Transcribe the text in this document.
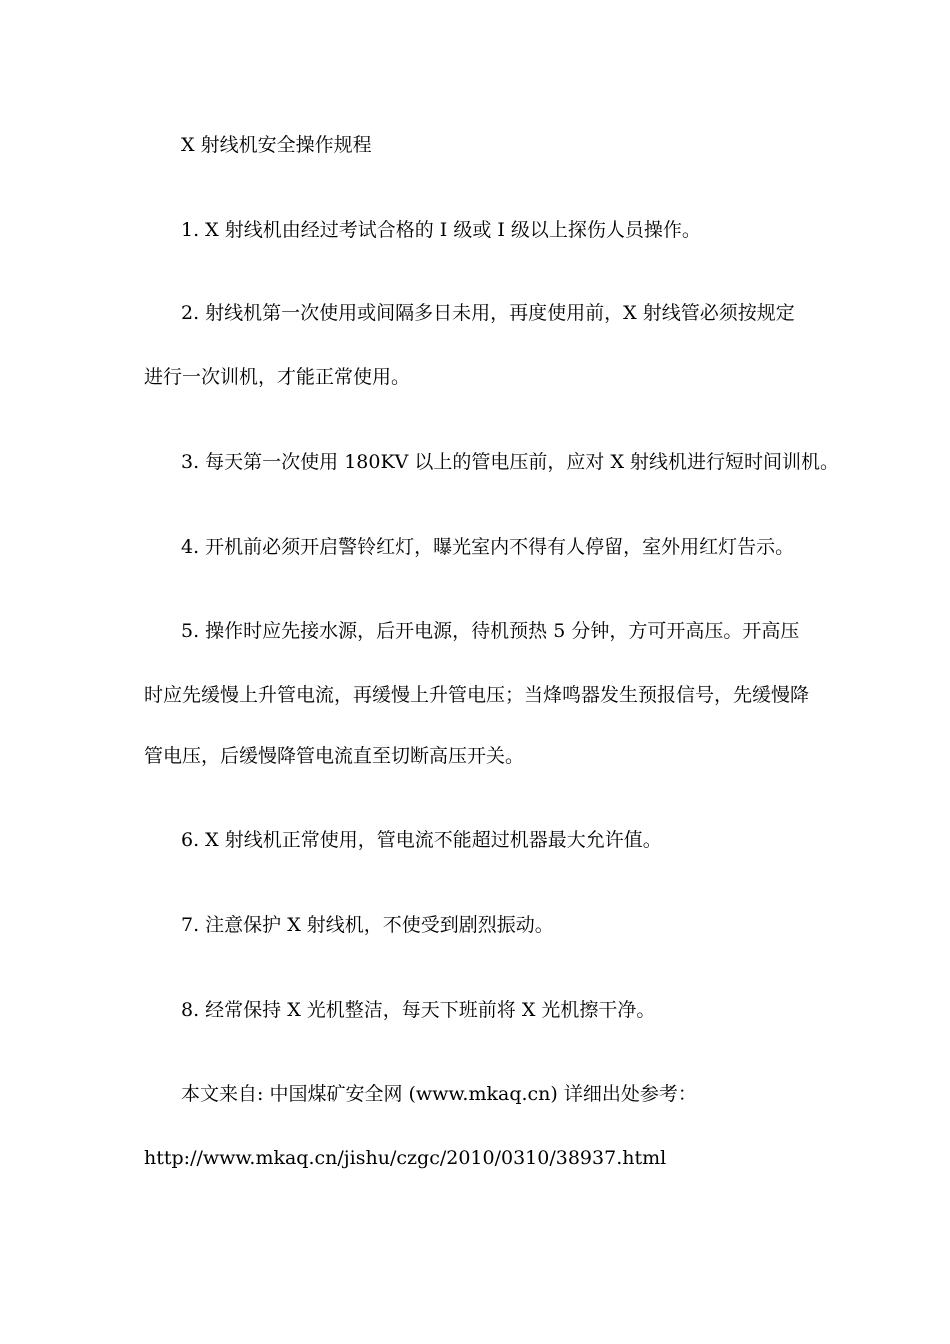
X 射线机安全操作规程
1. X 射线机由经过考试合格的 I 级或 I 级以上探伤人员操作。
2. 射线机第一次使用或间隔多日未用，再度使用前，X 射线管必须按规定
进行一次训机，才能正常使用。
3. 每天第一次使用 180KV 以上的管电压前，应对 X 射线机进行短时间训机。
4. 开机前必须开启警铃红灯，曝光室内不得有人停留，室外用红灯告示。
5. 操作时应先接水源，后开电源，待机预热 5 分钟，方可开高压。开高压
时应先缓慢上升管电流，再缓慢上升管电压；当烽鸣器发生预报信号，先缓慢降
管电压，后缓慢降管电流直至切断高压开关。
6. X 射线机正常使用，管电流不能超过机器最大允许值。
7. 注意保护 X 射线机，不使受到剧烈振动。
8. 经常保持 X 光机整洁，每天下班前将 X 光机擦干净。
本文来自: 中国煤矿安全网 (www.mkaq.cn) 详细出处参考：
http://www.mkaq.cn/jishu/czgc/2010/0310/38937.html
